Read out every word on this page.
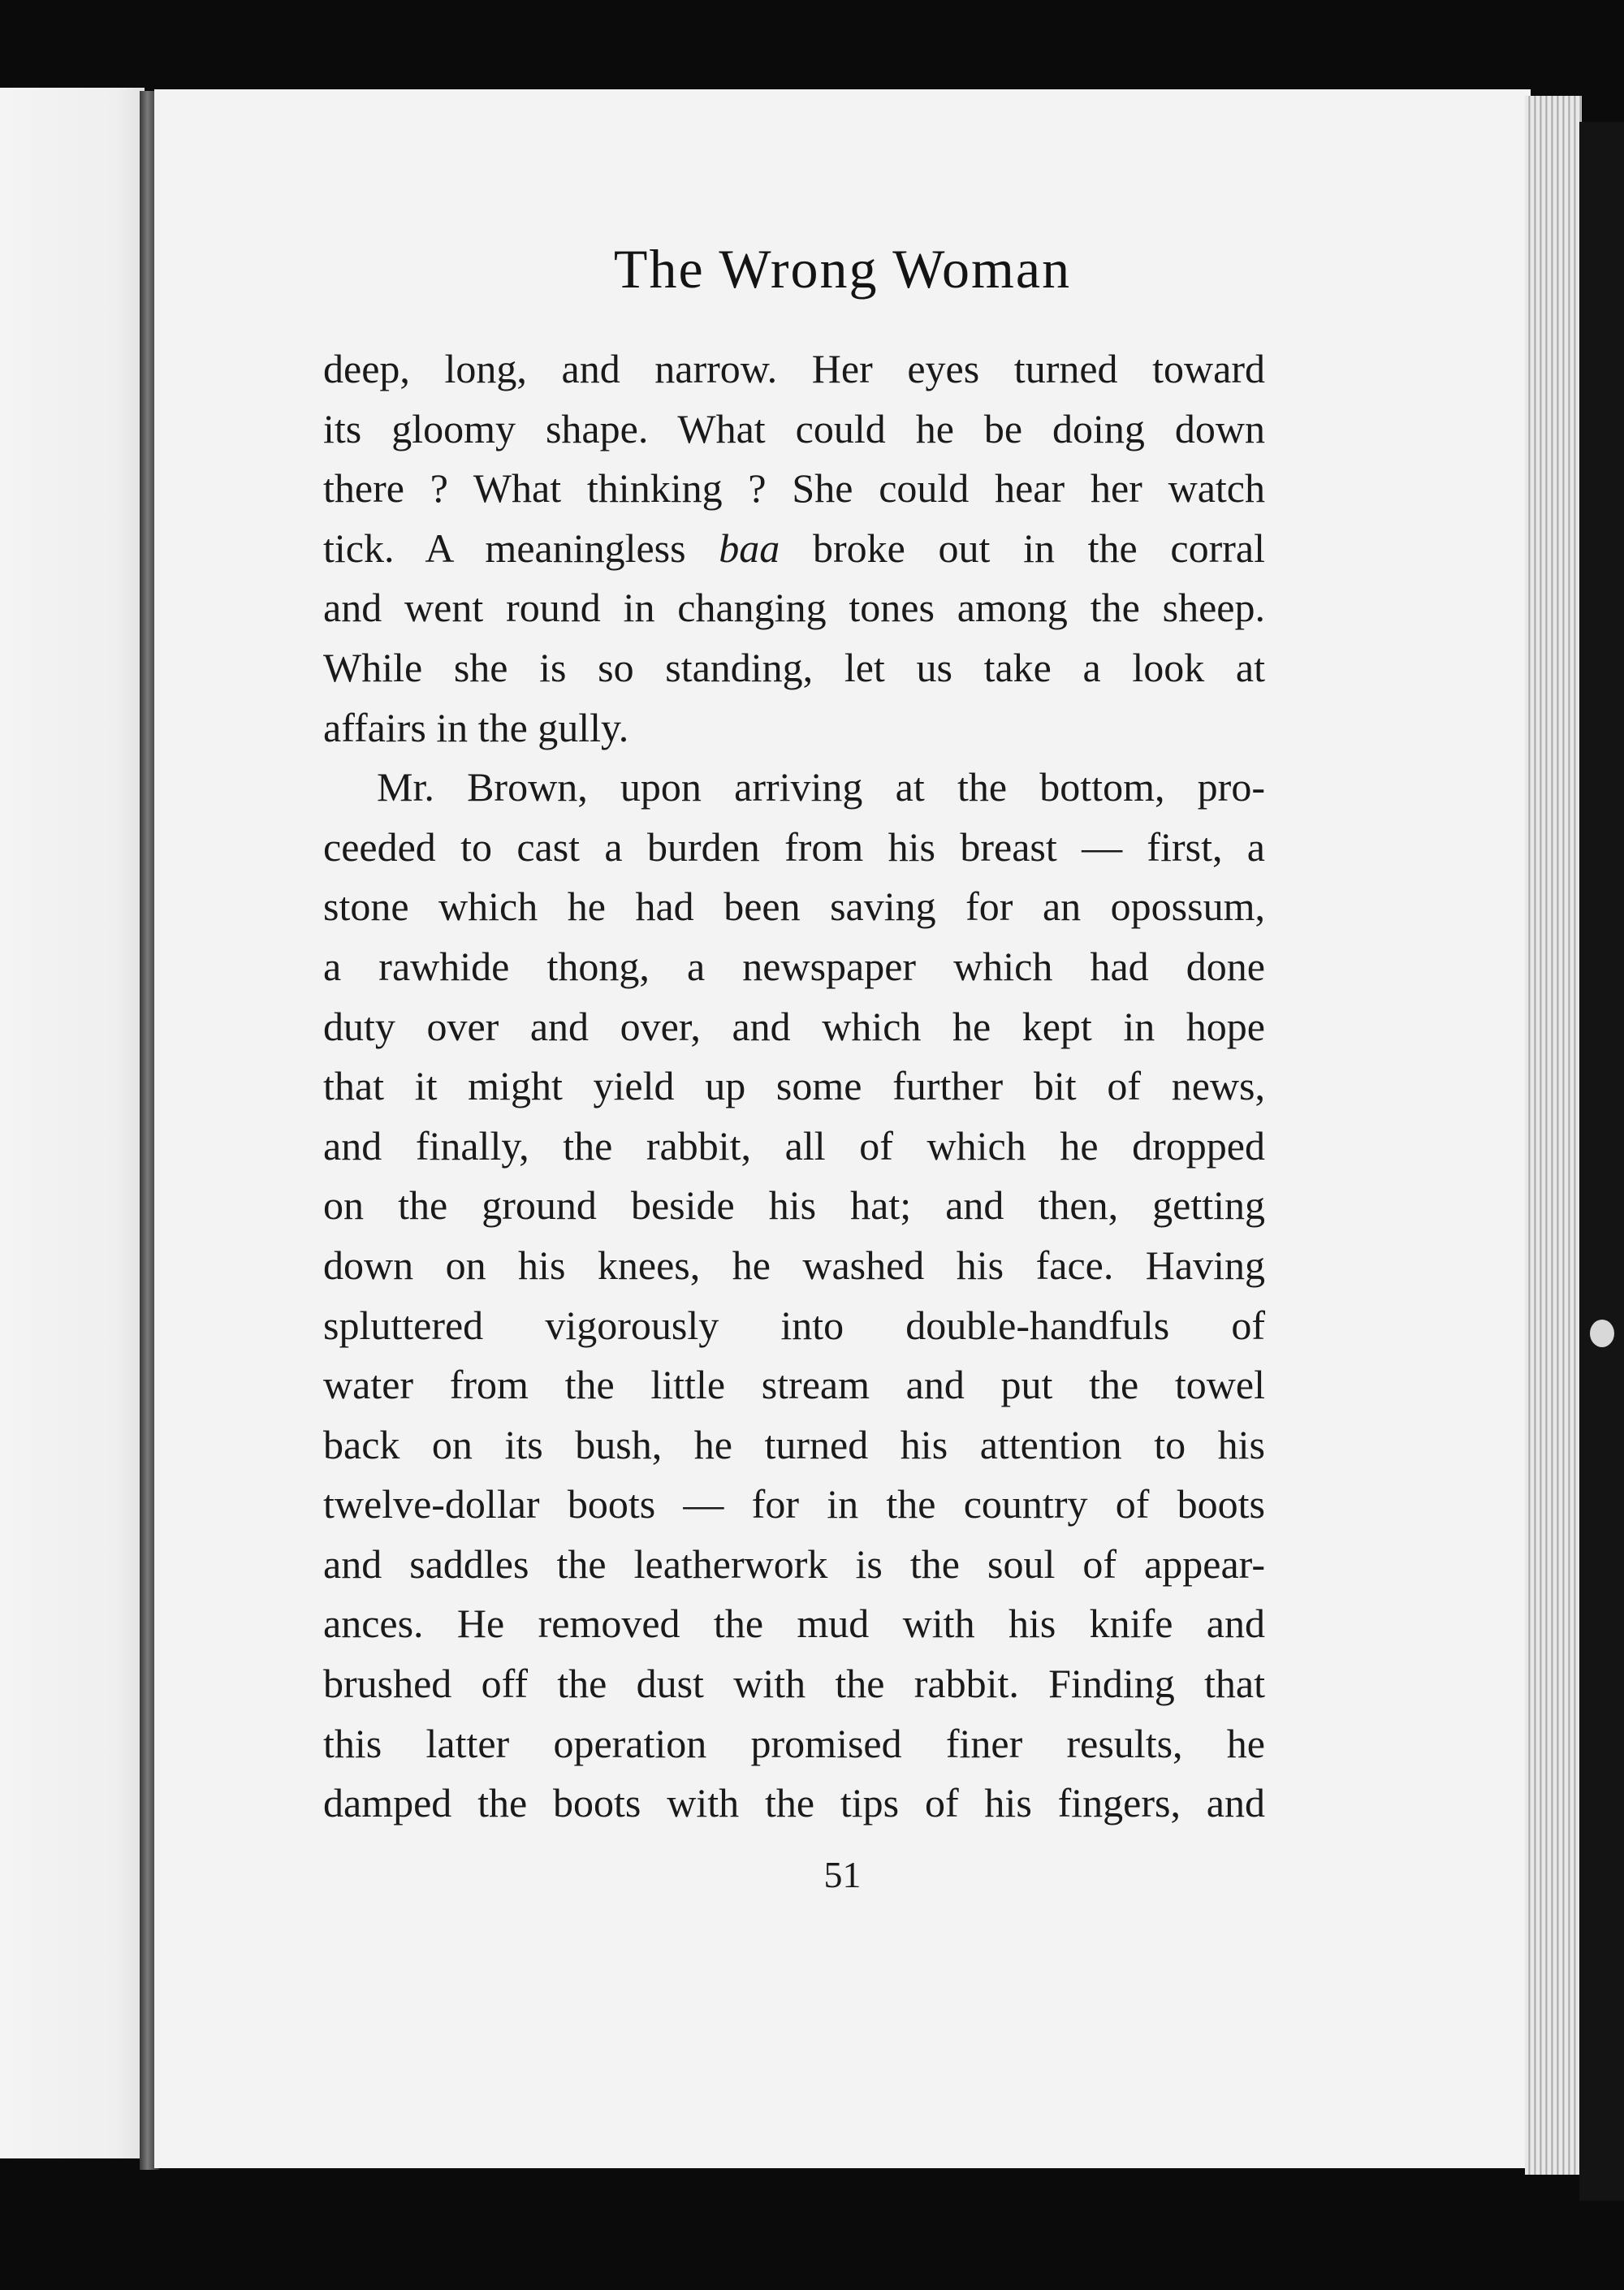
The Wrong Woman
deep, long, and narrow. Her eyes turned toward
its gloomy shape. What could he be doing down
there ? What thinking ? She could hear her watch
tick. A meaningless baa broke out in the corral
and went round in changing tones among the sheep.
While she is so standing, let us take a look at
affairs in the gully.
Mr. Brown, upon arriving at the bottom, pro-
ceeded to cast a burden from his breast — first, a
stone which he had been saving for an opossum,
a rawhide thong, a newspaper which had done
duty over and over, and which he kept in hope
that it might yield up some further bit of news,
and finally, the rabbit, all of which he dropped
on the ground beside his hat; and then, getting
down on his knees, he washed his face. Having
spluttered vigorously into double-handfuls of
water from the little stream and put the towel
back on its bush, he turned his attention to his
twelve-dollar boots — for in the country of boots
and saddles the leatherwork is the soul of appear-
ances. He removed the mud with his knife and
brushed off the dust with the rabbit. Finding that
this latter operation promised finer results, he
damped the boots with the tips of his fingers, and
51
